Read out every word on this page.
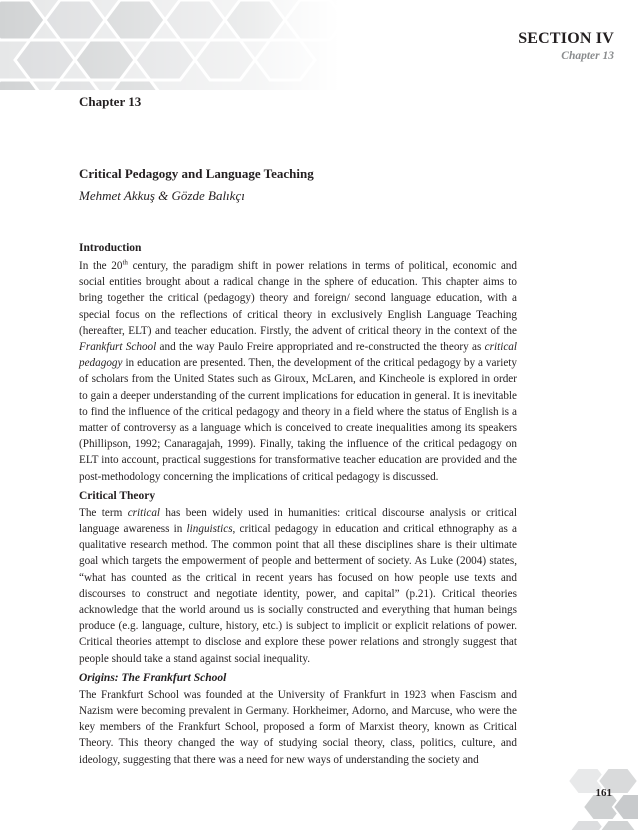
SECTION IV
Chapter 13
Chapter 13

Critical Pedagogy and Language Teaching

Mehmet Akkuş & Gözde Balıkçı

Introduction

In the 20th century, the paradigm shift in power relations in terms of political, economic and social entities brought about a radical change in the sphere of education. This chapter aims to bring together the critical (pedagogy) theory and foreign/ second language education, with a special focus on the reflections of critical theory in exclusively English Language Teaching (hereafter, ELT) and teacher education. Firstly, the advent of critical theory in the context of the Frankfurt School and the way Paulo Freire appropriated and re-constructed the theory as critical pedagogy in education are presented. Then, the development of the critical pedagogy by a variety of scholars from the United States such as Giroux, McLaren, and Kincheole is explored in order to gain a deeper understanding of the current implications for education in general. It is inevitable to find the influence of the critical pedagogy and theory in a field where the status of English is a matter of controversy as a language which is conceived to create inequalities among its speakers (Phillipson, 1992; Canaragajah, 1999). Finally, taking the influence of the critical pedagogy on ELT into account, practical suggestions for transformative teacher education are provided and the post-methodology concerning the implications of critical pedagogy is discussed.

Critical Theory

The term critical has been widely used in humanities: critical discourse analysis or critical language awareness in linguistics, critical pedagogy in education and critical ethnography as a qualitative research method. The common point that all these disciplines share is their ultimate goal which targets the empowerment of people and betterment of society. As Luke (2004) states, “what has counted as the critical in recent years has focused on how people use texts and discourses to construct and negotiate identity, power, and capital” (p.21). Critical theories acknowledge that the world around us is socially constructed and everything that human beings produce (e.g. language, culture, history, etc.) is subject to implicit or explicit relations of power. Critical theories attempt to disclose and explore these power relations and strongly suggest that people should take a stand against social inequality.

Origins: The Frankfurt School

The Frankfurt School was founded at the University of Frankfurt in 1923 when Fascism and Nazism were becoming prevalent in Germany. Horkheimer, Adorno, and Marcuse, who were the key members of the Frankfurt School, proposed a form of Marxist theory, known as Critical Theory. This theory changed the way of studying social theory, class, politics, culture, and ideology, suggesting that there was a need for new ways of understanding the society and

161
